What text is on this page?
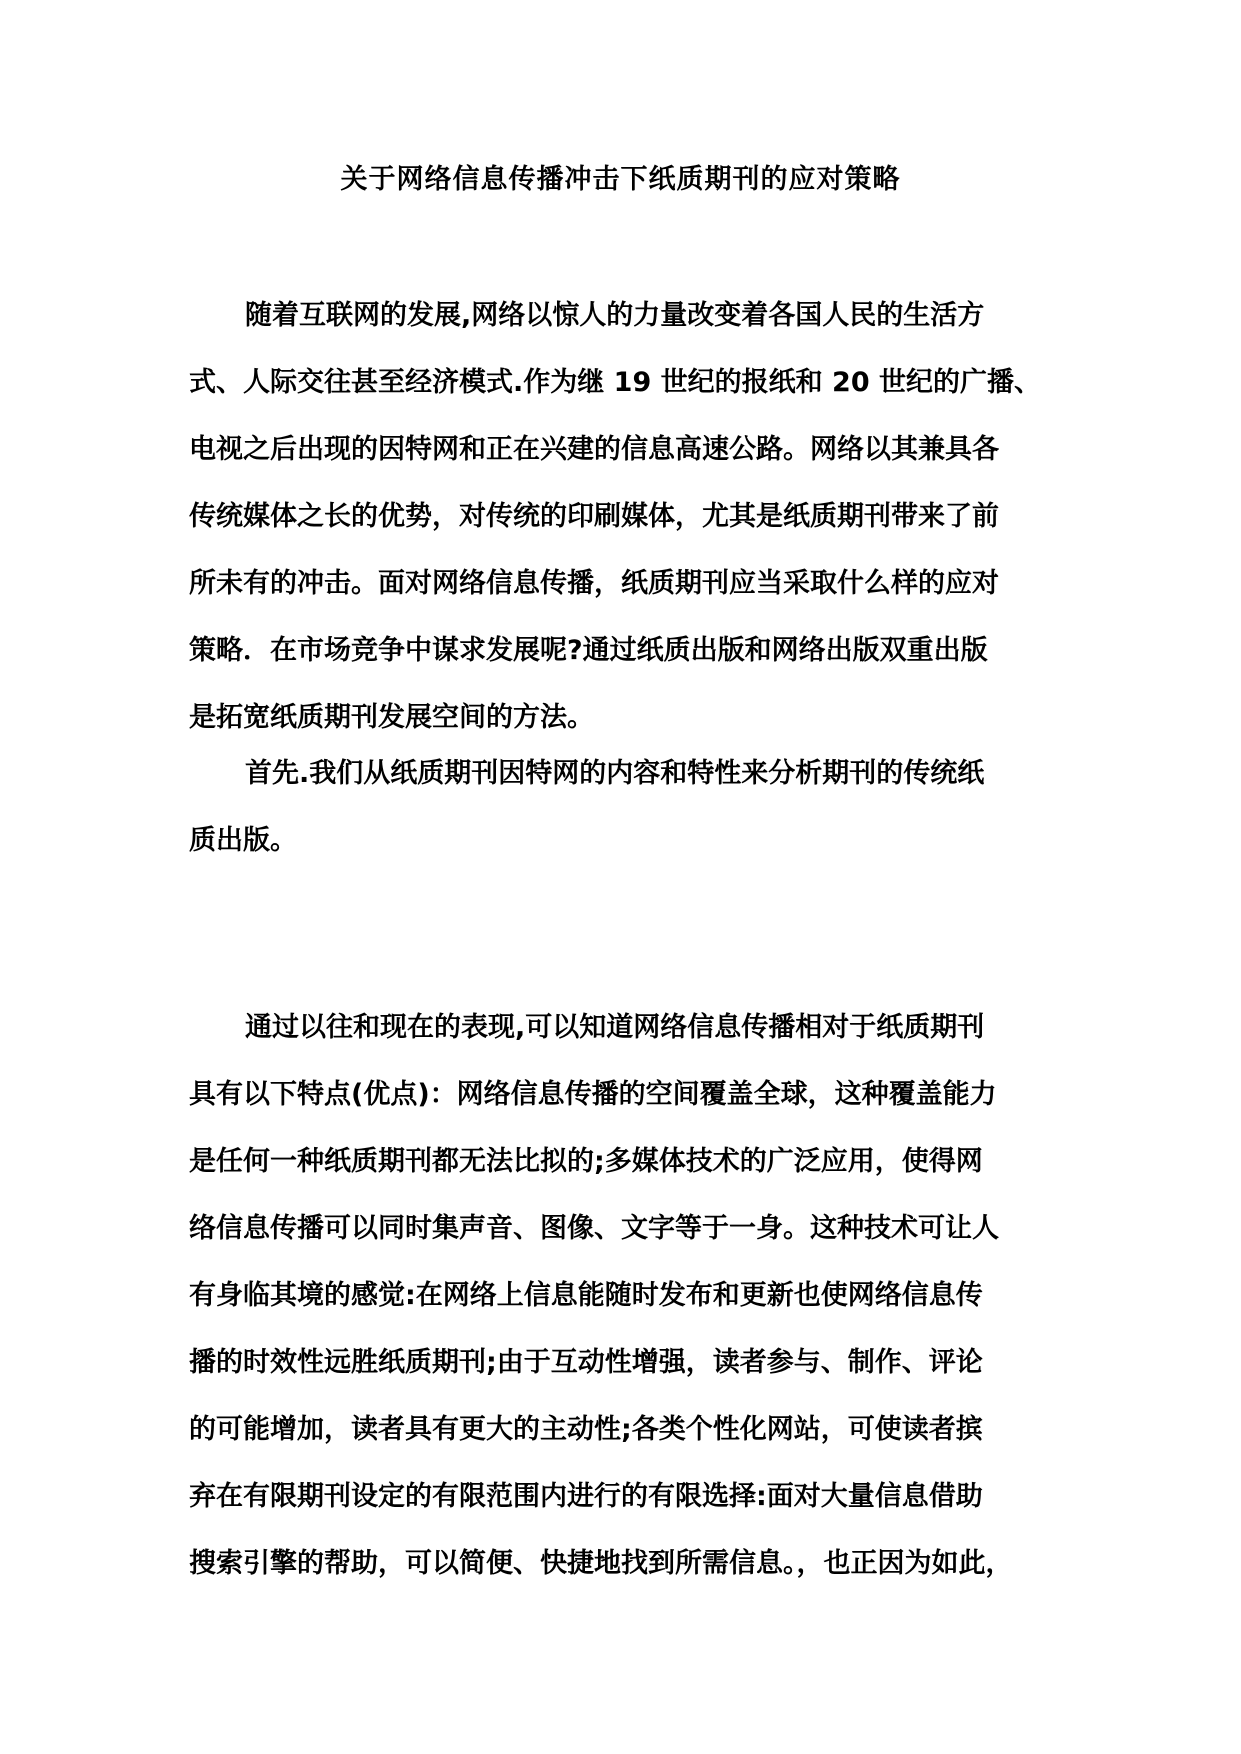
关于网络信息传播冲击下纸质期刊的应对策略
随着互联网的发展,网络以惊人的力量改变着各国人民的生活方
式、人际交往甚至经济模式.作为继 19 世纪的报纸和 20 世纪的广播、
电视之后出现的因特网和正在兴建的信息高速公路。网络以其兼具各
传统媒体之长的优势，对传统的印刷媒体，尤其是纸质期刊带来了前
所未有的冲击。面对网络信息传播，纸质期刊应当采取什么样的应对
策略．在市场竞争中谋求发展呢?通过纸质出版和网络出版双重出版
是拓宽纸质期刊发展空间的方法。
首先.我们从纸质期刊因特网的内容和特性来分析期刊的传统纸
质出版。
通过以往和现在的表现,可以知道网络信息传播相对于纸质期刊
具有以下特点(优点)：网络信息传播的空间覆盖全球，这种覆盖能力
是任何一种纸质期刊都无法比拟的;多媒体技术的广泛应用，使得网
络信息传播可以同时集声音、图像、文字等于一身。这种技术可让人
有身临其境的感觉:在网络上信息能随时发布和更新也使网络信息传
播的时效性远胜纸质期刊;由于互动性增强，读者参与、制作、评论
的可能增加，读者具有更大的主动性;各类个性化网站，可使读者摈
弃在有限期刊设定的有限范围内进行的有限选择:面对大量信息借助
搜索引擎的帮助，可以简便、快捷地找到所需信息。，也正因为如此，
